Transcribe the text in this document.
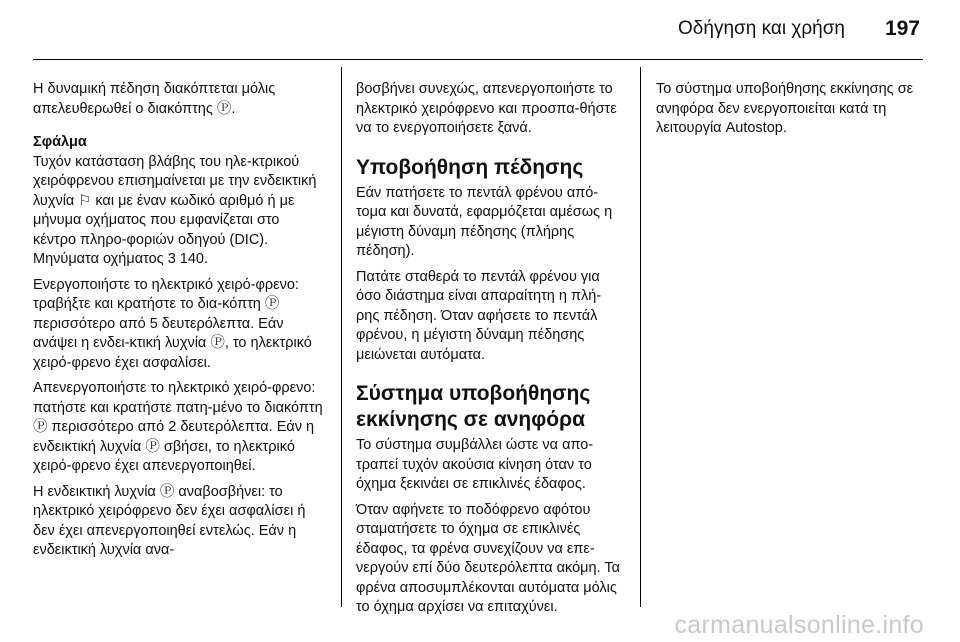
Οδήγηση και χρήση 197

Η δυναμική πέδηση διακόπτεται μόλις απελευθερωθεί ο διακόπτης Ⓟ.

Σφάλμα

Τυχόν κατάσταση βλάβης του ηλε-κτρικού χειρόφρενου επισημαίνεται με την ενδεικτική λυχνία ⚐ και με έναν κωδικό αριθμό ή με μήνυμα οχήματος που εμφανίζεται στο κέντρο πληρο-φοριών οδηγού (DIC). Μηνύματα οχήματος 3 140.

Ενεργοποιήστε το ηλεκτρικό χειρό-φρενο: τραβήξτε και κρατήστε το δια-κόπτη Ⓟ περισσότερο από 5 δευτερόλεπτα. Εάν ανάψει η ενδει-κτική λυχνία Ⓟ, το ηλεκτρικό χειρό-φρενο έχει ασφαλίσει.

Απενεργοποιήστε το ηλεκτρικό χειρό-φρενο: πατήστε και κρατήστε πατη-μένο το διακόπτη Ⓟ περισσότερο από 2 δευτερόλεπτα. Εάν η ενδεικτική λυχνία Ⓟ σβήσει, το ηλεκτρικό χειρό-φρενο έχει απενεργοποιηθεί.

Η ενδεικτική λυχνία Ⓟ αναβοσβήνει: το ηλεκτρικό χειρόφρενο δεν έχει ασφαλίσει ή δεν έχει απενεργοποιηθεί εντελώς. Εάν η ενδεικτική λυχνία ανα-

βοσβήνει συνεχώς, απενεργοποιήστε το ηλεκτρικό χειρόφρενο και προσπα-θήστε να το ενεργοποιήσετε ξανά.

Υποβοήθηση πέδησης

Εάν πατήσετε το πεντάλ φρένου από-τομα και δυνατά, εφαρμόζεται αμέσως η μέγιστη δύναμη πέδησης (πλήρης πέδηση).

Πατάτε σταθερά το πεντάλ φρένου για όσο διάστημα είναι απαραίτητη η πλή-ρης πέδηση. Όταν αφήσετε το πεντάλ φρένου, η μέγιστη δύναμη πέδησης μειώνεται αυτόματα.

Σύστημα υποβοήθησης εκκίνησης σε ανηφόρα

Το σύστημα συμβάλλει ώστε να απο-τραπεί τυχόν ακούσια κίνηση όταν το όχημα ξεκινάει σε επικλινές έδαφος.

Όταν αφήνετε το ποδόφρενο αφότου σταματήσετε το όχημα σε επικλινές έδαφος, τα φρένα συνεχίζουν να επε-νεργούν επί δύο δευτερόλεπτα ακόμη. Τα φρένα αποσυμπλέκονται αυτόματα μόλις το όχημα αρχίσει να επιταχύνει.

Το σύστημα υποβοήθησης εκκίνησης σε ανηφόρα δεν ενεργοποιείται κατά τη λειτουργία Autostop.

carmanualsonline.info
